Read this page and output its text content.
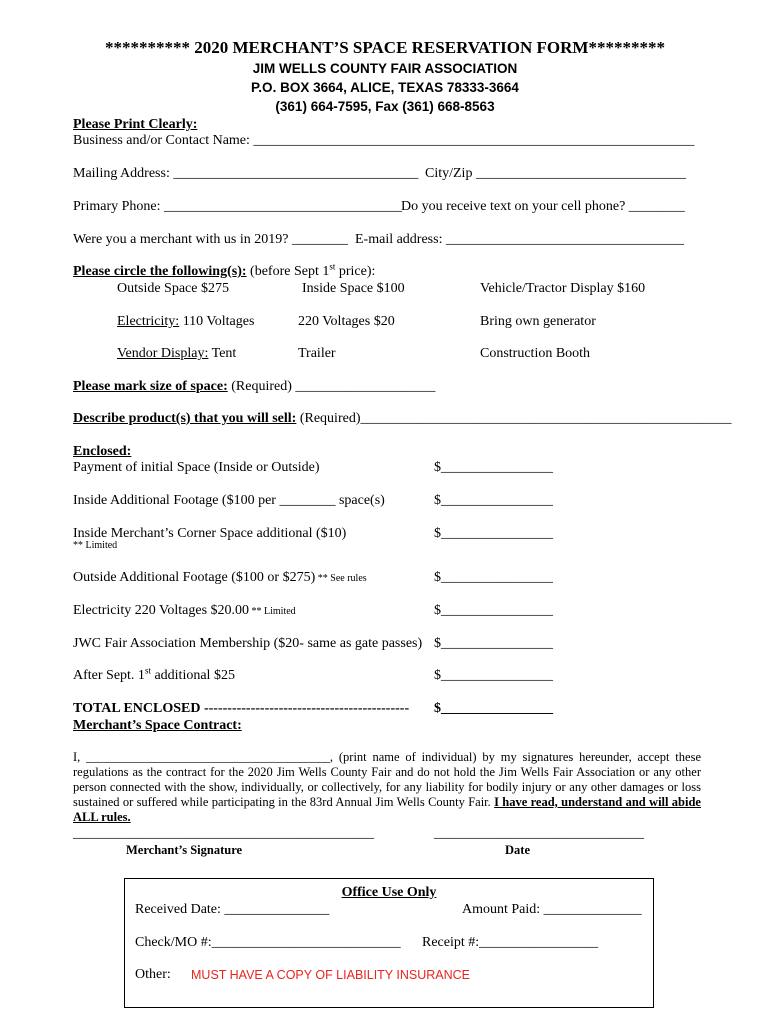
********** 2020 MERCHANT’S SPACE RESERVATION FORM*********
JIM WELLS COUNTY FAIR ASSOCIATION
P.O. BOX 3664, ALICE, TEXAS 78333-3664
(361) 664-7595, Fax (361) 668-8563
Please Print Clearly:
Business and/or Contact Name: _______________________________________________________________
Mailing Address: ___________________________________ City/Zip ______________________________
Primary Phone: __________________________________ Do you receive text on your cell phone? ________
Were you a merchant with us in 2019? ________ E-mail address: __________________________________
Please circle the following(s): (before Sept 1st price):
Outside Space $275	Inside Space $100	Vehicle/Tractor Display $160
Electricity: 110 Voltages	220 Voltages $20	Bring own generator
Vendor Display: Tent	Trailer	Construction Booth
Please mark size of space: (Required) ____________________
Describe product(s) that you will sell: (Required)_____________________________________________________
Enclosed:
Payment of initial Space (Inside or Outside)	$________________
Inside Additional Footage ($100 per ________ space(s)	$________________
Inside Merchant’s Corner Space additional ($10)	$________________
** Limited
Outside Additional Footage ($100 or $275) ** See rules	$________________
Electricity 220 Voltages $20.00 ** Limited	$________________
JWC Fair Association Membership ($20- same as gate passes) $________________
After Sept. 1st additional $25	$________________
TOTAL ENCLOSED -------------------------------------------- $________________
Merchant’s Space Contract:
I, _______________________________________, (print name of individual) by my signatures hereunder, accept these regulations as the contract for the 2020 Jim Wells County Fair and do not hold the Jim Wells Fair Association or any other person connected with the show, individually, or collectively, for any liability for bodily injury or any other damages or loss sustained or suffered while participating in the 83rd Annual Jim Wells County Fair. I have read, understand and will abide ALL rules.
___________________________________________	______________________________
Merchant’s Signature	Date
Office Use Only
Received Date: _______________	Amount Paid: ______________
Check/MO #:___________________________ Receipt #:_________________
Other: MUST HAVE A COPY OF LIABILITY INSURANCE
